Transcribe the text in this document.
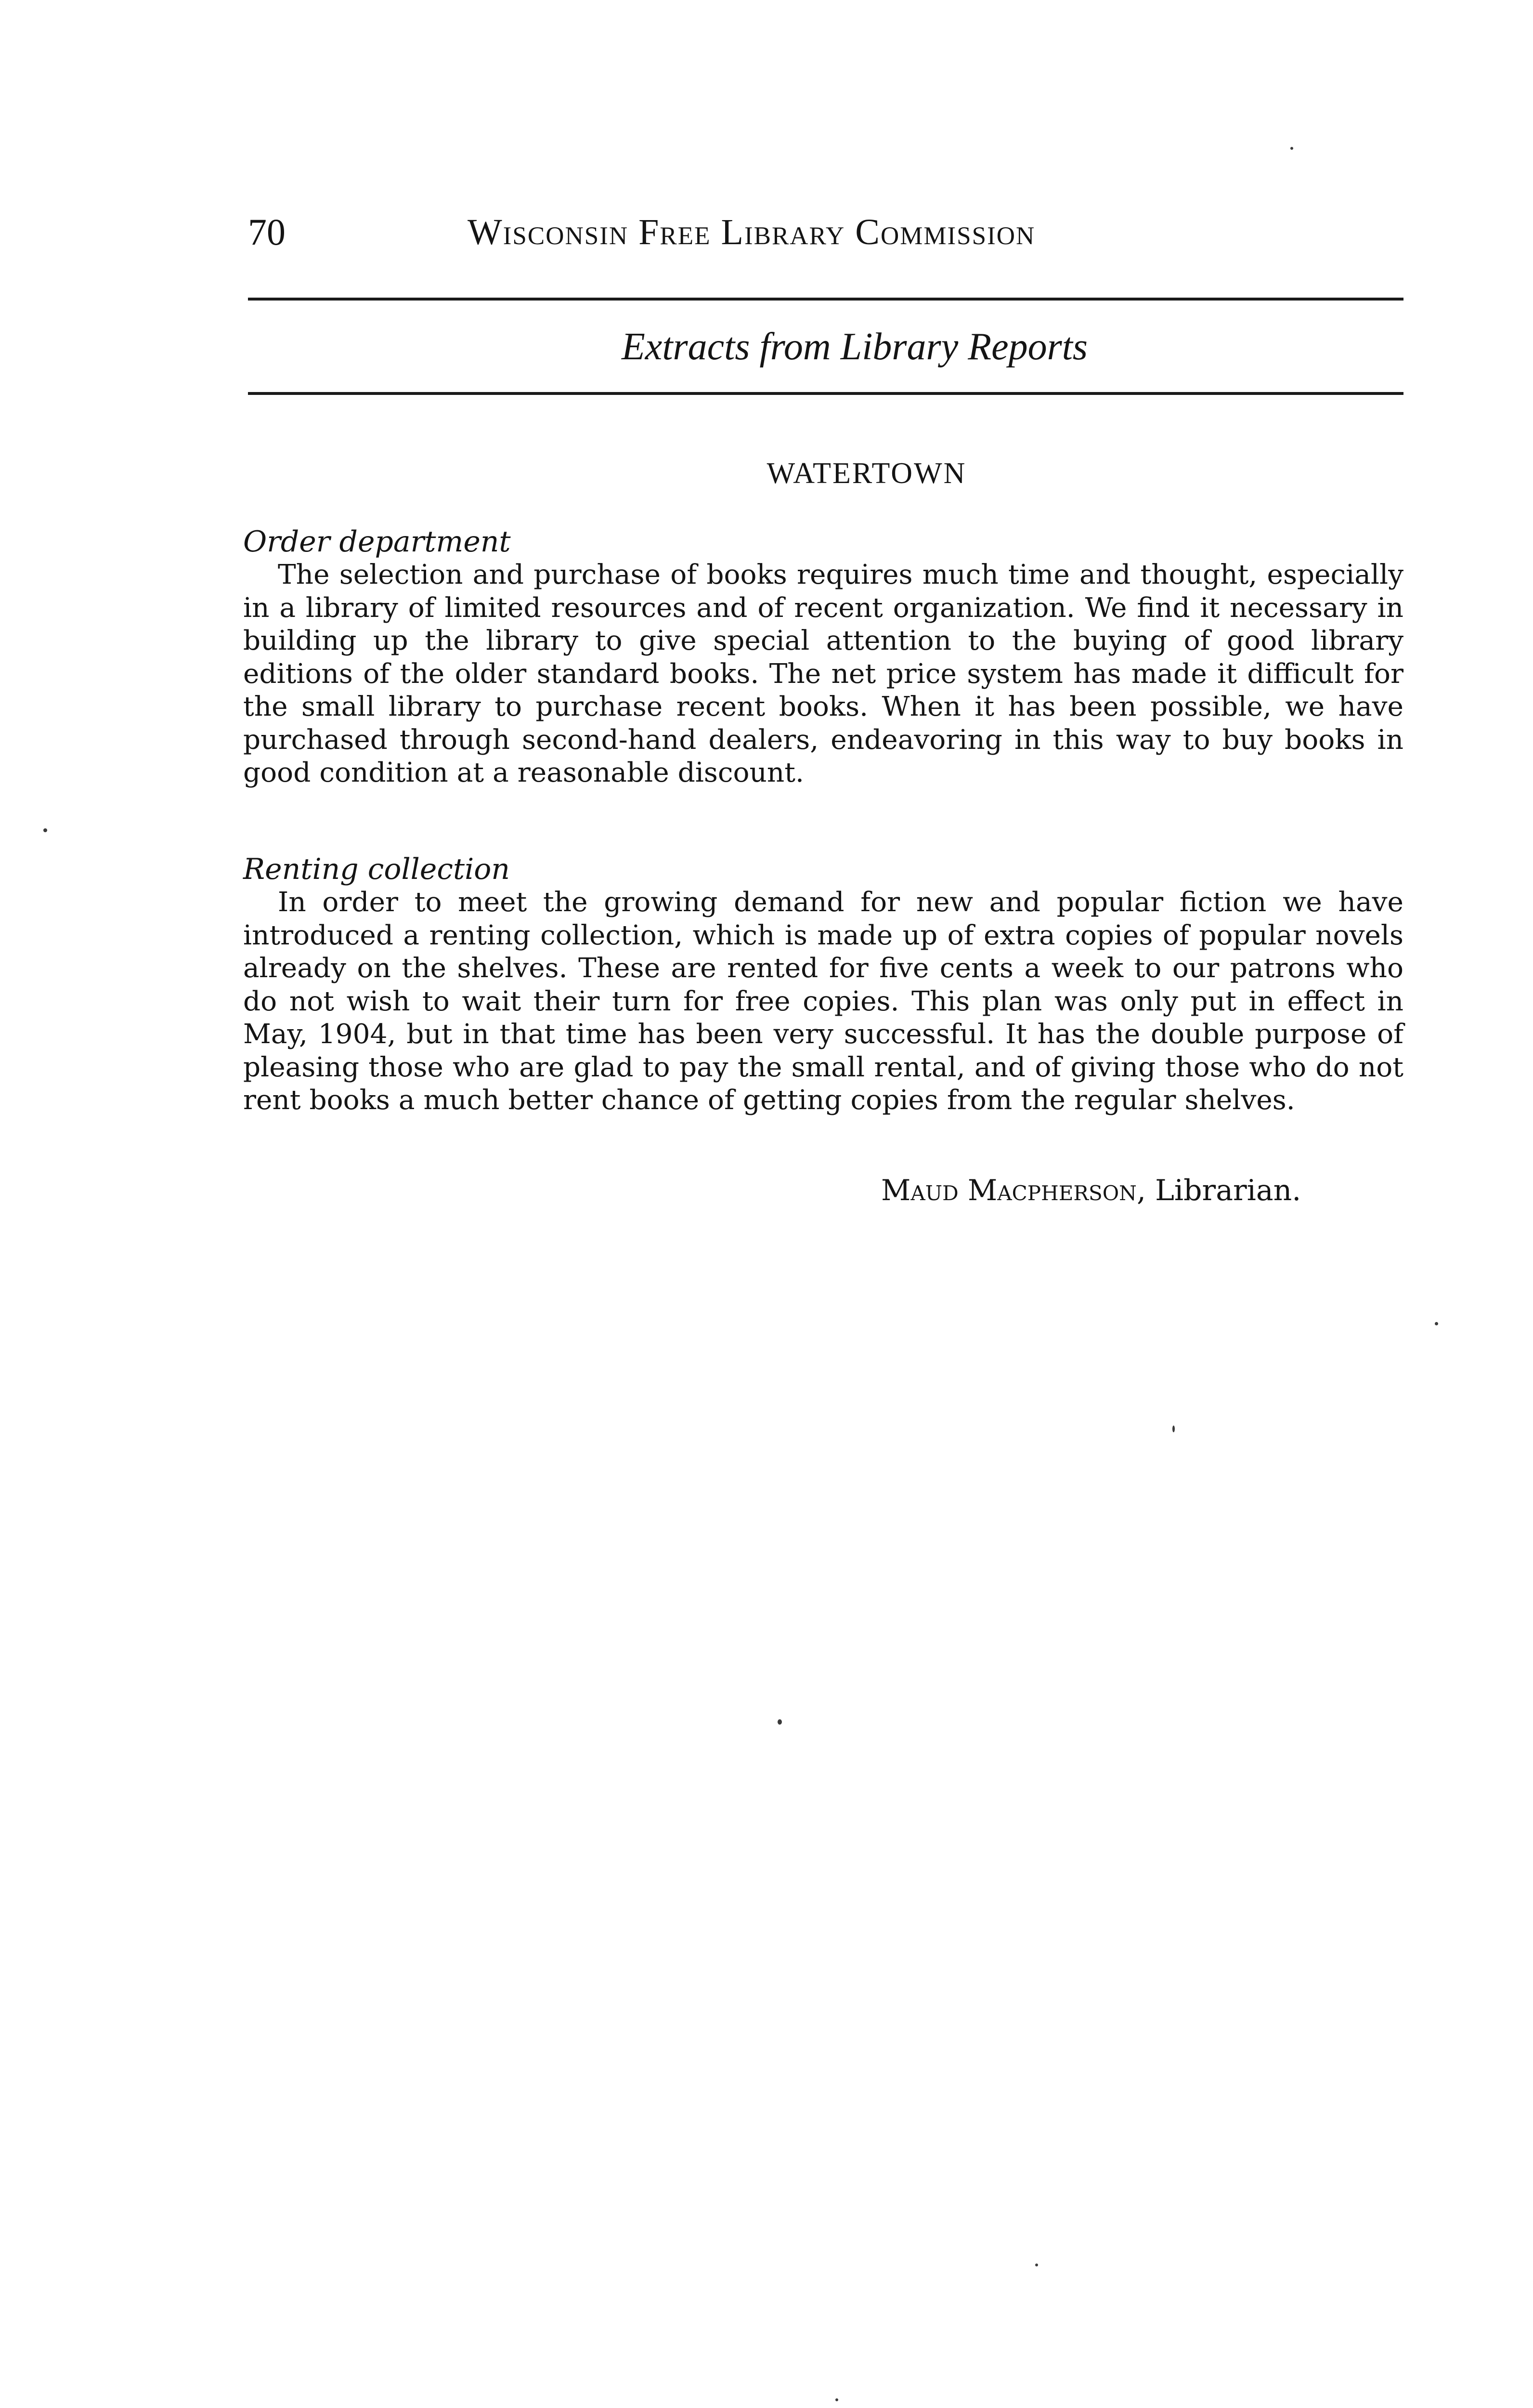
70	Wisconsin Free Library Commission
Extracts from Library Reports
WATERTOWN
Order department

The selection and purchase of books requires much time and thought, especially in a library of limited resources and of recent organization. We find it necessary in building up the library to give special attention to the buying of good library editions of the older standard books. The net price system has made it difficult for the small library to purchase recent books. When it has been possible, we have purchased through second-hand dealers, endeavoring in this way to buy books in good condition at a reasonable discount.

Renting collection

In order to meet the growing demand for new and popular fiction we have introduced a renting collection, which is made up of extra copies of popular novels already on the shelves. These are rented for five cents a week to our patrons who do not wish to wait their turn for free copies. This plan was only put in effect in May, 1904, but in that time has been very successful. It has the double purpose of pleasing those who are glad to pay the small rental, and of giving those who do not rent books a much better chance of getting copies from the regular shelves.

Maud Macpherson, Librarian.
